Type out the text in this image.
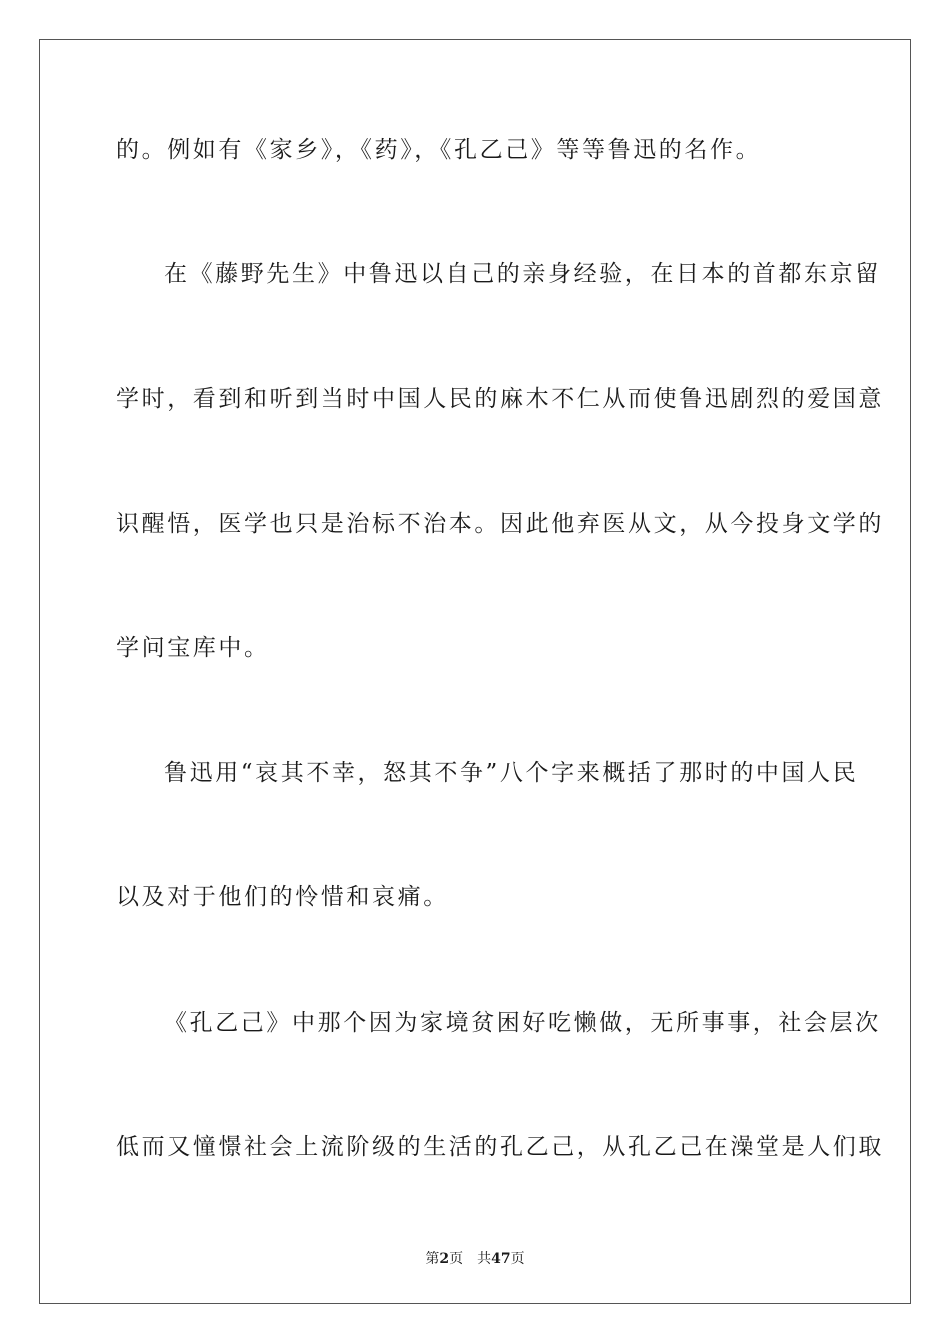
的。例如有《家乡》，《药》，《孔乙己》等等鲁迅的名作。
在《藤野先生》中鲁迅以自己的亲身经验，在日本的首都东京留
学时，看到和听到当时中国人民的麻木不仁从而使鲁迅剧烈的爱国意
识醒悟，医学也只是治标不治本。因此他弃医从文，从今投身文学的
学问宝库中。
鲁迅用“哀其不幸，怒其不争”八个字来概括了那时的中国人民
以及对于他们的怜惜和哀痛。
《孔乙己》中那个因为家境贫困好吃懒做，无所事事，社会层次
低而又憧憬社会上流阶级的生活的孔乙己，从孔乙己在澡堂是人们取
第2页 共47页
